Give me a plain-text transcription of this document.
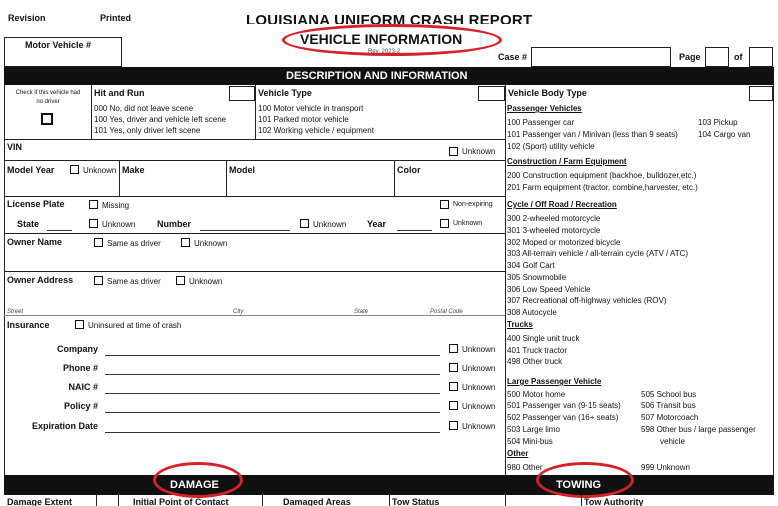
Revision	Printed	LOUISIANA UNIFORM CRASH REPORT
Rev. 2023-2
VEHICLE INFORMATION
Motor Vehicle #
Case #	Page	of
DESCRIPTION AND INFORMATION
Check if this vehicle had no driver
Hit and Run
000 No, did not leave scene
100 Yes, driver and vehicle left scene
101 Yes, only driver left scene
Vehicle Type
100 Motor vehicle in transport
101 Parked motor vehicle
102 Working vehicle / equipment
VIN	Unknown
Model Year	Unknown Make	Model	Color
License Plate	Missing	Non-expiring
State	Unknown Number	Unknown Year	Unknown
Owner Name	Same as driver	Unknown
Owner Address	Same as driver	Unknown
Street	City	State	Postal Code
Insurance	Uninsured at time of crash
Company	Unknown
Phone #	Unknown
NAIC #	Unknown
Policy #	Unknown
Expiration Date	Unknown
Vehicle Body Type
Passenger Vehicles
100 Passenger car
101 Passenger van / Minivan (less than 9 seats)
102 (Sport) utility vehicle
103 Pickup
104 Cargo van
Construction / Farm Equipment
200 Construction equipment (backhoe, bulldozer,etc.)
201 Farm equipment (tractor, combine,harvester, etc.)
Cycle / Off Road / Recreation
300 2-wheeled motorcycle
301 3-wheeled motorcycle
302 Moped or motorized bicycle
303 All-terrain vehicle / all-terrain cycle (ATV / ATC)
304 Golf Cart
305 Snowmobile
306 Low Speed Vehicle
307 Recreational off-highway vehicles (ROV)
308 Autocycle
Trucks
400 Single unit truck
401 Truck tractor
498 Other truck
Large Passenger Vehicle
500 Motor home
501 Passenger van (9-15 seats)
502 Passenger van (16+ seats)
503 Large limo
504 Mini-bus
505 School bus
506 Transit bus
507 Motorcoach
598 Other bus / large passenger
vehicle
Other
980 Other	999 Unknown
DAMAGE	TOWING
Damage Extent	Initial Point of Contact	Damaged Areas	Tow Status	Tow Authority
